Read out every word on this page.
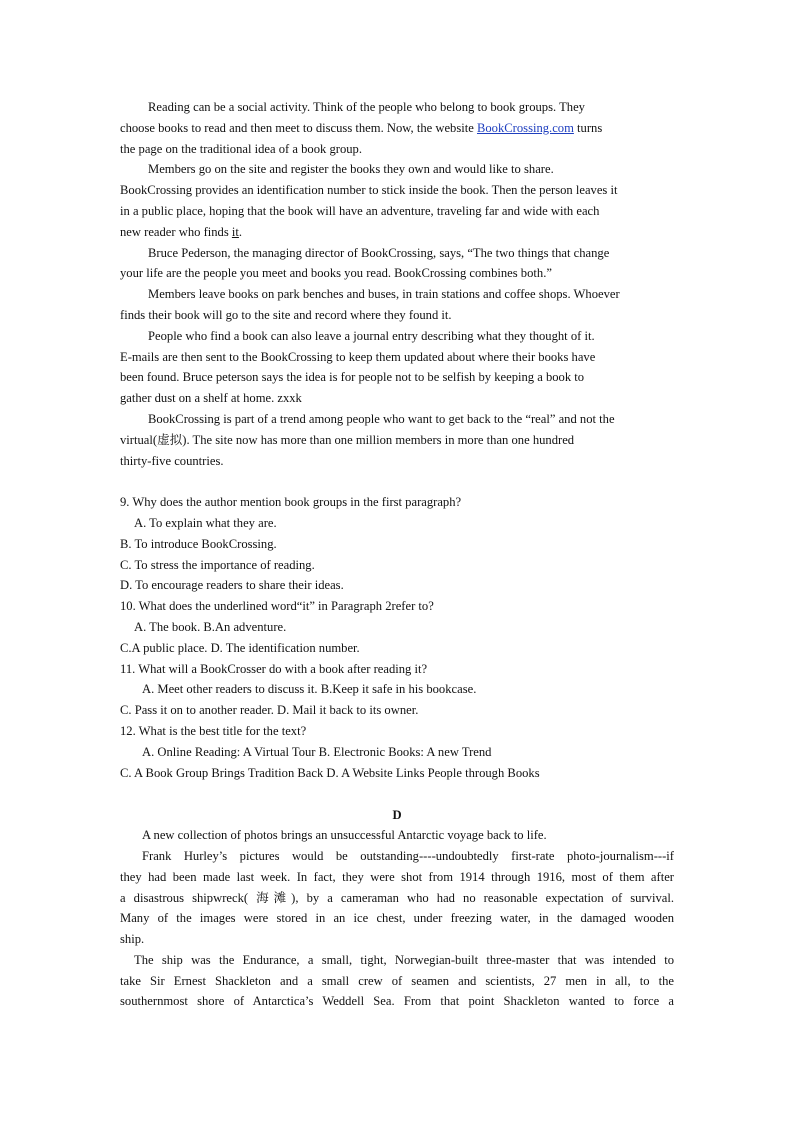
Reading can be a social activity. Think of the people who belong to book groups. They
choose books to read and then meet to discuss them. Now, the website BookCrossing.com turns
the page on the traditional idea of a book group.
Members go on the site and register the books they own and would like to share.
BookCrossing provides an identification number to stick inside the book. Then the person leaves it
in a public place, hoping that the book will have an adventure, traveling far and wide with each
new reader who finds it.
Bruce Pederson, the managing director of BookCrossing, says, “The two things that change
your life are the people you meet and books you read. BookCrossing combines both.”
Members leave books on park benches and buses, in train stations and coffee shops. Whoever
finds their book will go to the site and record where they found it.
People who find a book can also leave a journal entry describing what they thought of it.
E-mails are then sent to the BookCrossing to keep them updated about where their books have
been found. Bruce peterson says the idea is for people not to be selfish by keeping a book to
gather dust on a shelf at home. zxxk
BookCrossing is part of a trend among people who want to get back to the “real” and not the
virtual(虚拟). The site now has more than one million members in more than one hundred
thirty-five countries.
9. Why does the author mention book groups in the first paragraph?
A. To explain what they are.
B. To introduce BookCrossing.
C. To stress the importance of reading.
D. To encourage readers to share their ideas.
10. What does the underlined word“it” in Paragraph 2refer to?
A. The book. B.An adventure.
C.A public place. D. The identification number.
11. What will a BookCrosser do with a book after reading it?
A. Meet other readers to discuss it. B.Keep it safe in his bookcase.
C. Pass it on to another reader. D. Mail it back to its owner.
12. What is the best title for the text?
A. Online Reading: A Virtual Tour B. Electronic Books: A new Trend
C. A Book Group Brings Tradition Back D. A Website Links People through Books
D
A new collection of photos brings an unsuccessful Antarctic voyage back to life.
Frank Hurley’s pictures would be outstanding----undoubtedly first-rate photo-journalism---if
they had been made last week. In fact, they were shot from 1914 through 1916, most of them after
a disastrous shipwreck( 海滩), by a cameraman who had no reasonable expectation of survival.
Many of the images were stored in an ice chest, under freezing water, in the damaged wooden
ship.
The ship was the Endurance, a small, tight, Norwegian-built three-master that was intended to
take Sir Ernest Shackleton and a small crew of seamen and scientists, 27 men in all, to the
southernmost shore of Antarctica’s Weddell Sea. From that point Shackleton wanted to force a
